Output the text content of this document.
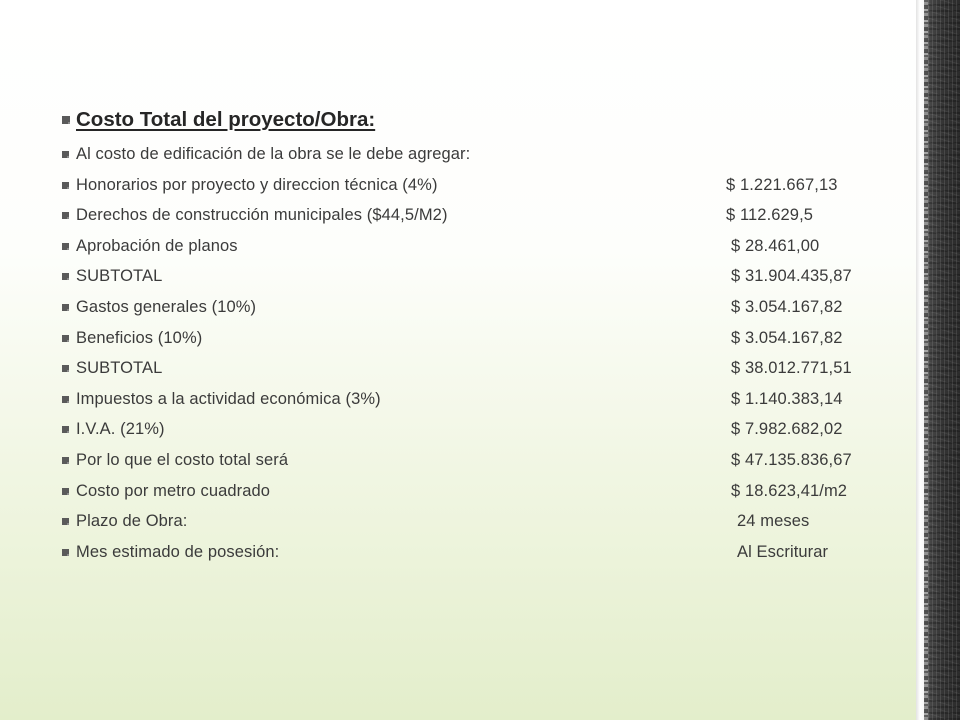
Costo Total del proyecto/Obra:
Al costo de edificación de la obra se le debe agregar:
Honorarios por proyecto y direccion técnica (4%)	$ 1.221.667,13
Derechos de construcción municipales ($44,5/M2)	$ 112.629,5
Aprobación de planos	$ 28.461,00
SUBTOTAL	$ 31.904.435,87
Gastos generales (10%)	$ 3.054.167,82
Beneficios (10%)	$ 3.054.167,82
SUBTOTAL	$ 38.012.771,51
Impuestos a la actividad económica (3%)	$ 1.140.383,14
I.V.A. (21%)	$ 7.982.682,02
Por lo que el costo total será	$ 47.135.836,67
Costo por metro cuadrado	$ 18.623,41/m2
Plazo de Obra:	24 meses
Mes estimado de posesión:	Al Escriturar
